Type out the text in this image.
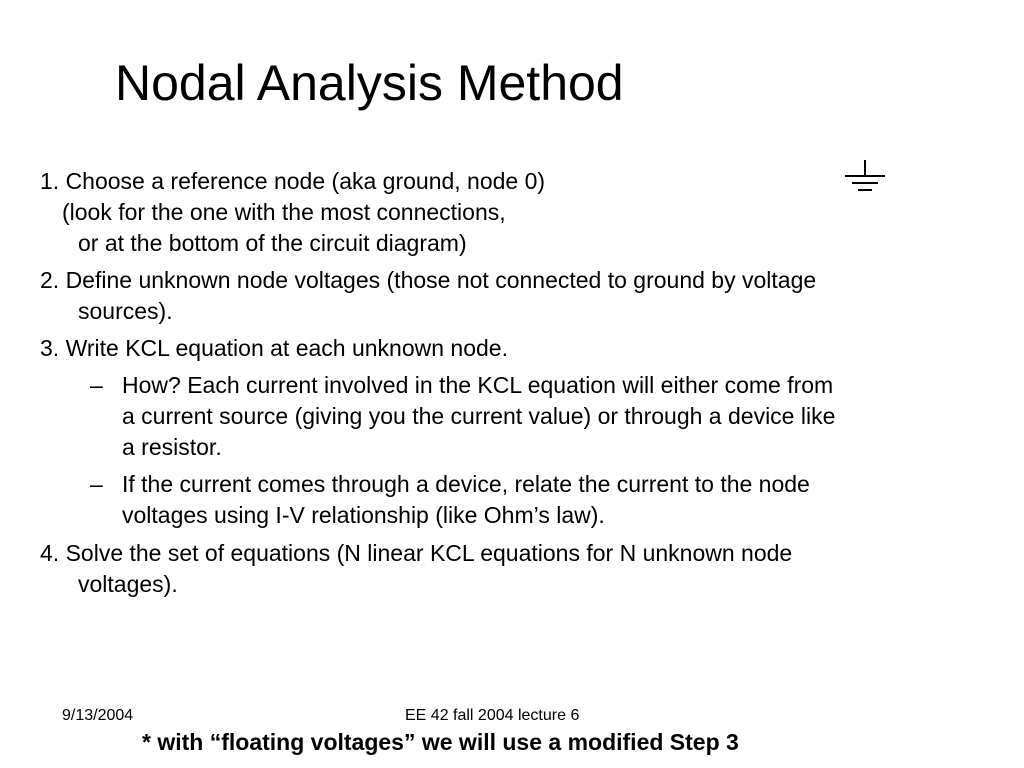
Nodal Analysis Method
1. Choose a reference node (aka ground, node 0)
(look for the one with the most connections,
or at the bottom of the circuit diagram)
2. Define unknown node voltages (those not connected to ground by voltage
sources).
3. Write KCL equation at each unknown node.
– How? Each current involved in the KCL equation will either come from
a current source (giving you the current value) or through a device like
a resistor.
– If the current comes through a device, relate the current to the node
voltages using I-V relationship (like Ohm’s law).
4. Solve the set of equations (N linear KCL equations for N unknown node
voltages).
9/13/2004	EE 42 fall 2004 lecture 6
* with “floating voltages” we will use a modified Step 3
